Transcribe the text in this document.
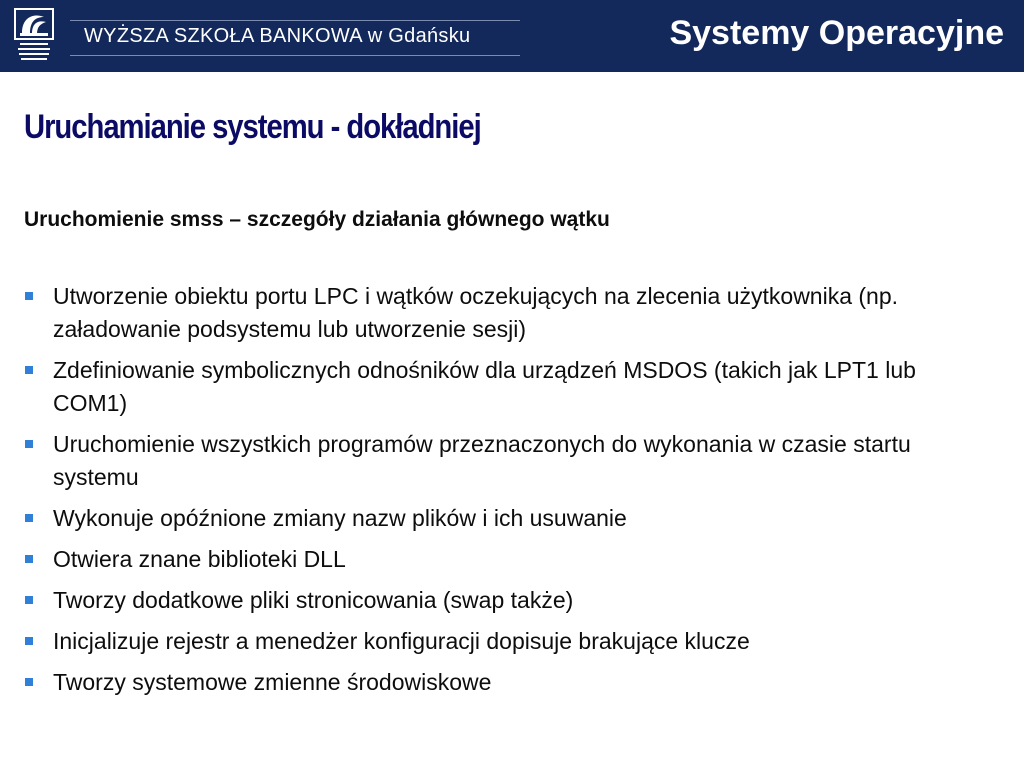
WYŻSZA SZKOŁA BANKOWA w Gdańsku	Systemy Operacyjne
Uruchamianie systemu - dokładniej
Uruchomienie smss – szczegóły działania głównego wątku
Utworzenie obiektu portu LPC i wątków oczekujących na zlecenia użytkownika (np. załadowanie podsystemu lub utworzenie sesji)
Zdefiniowanie symbolicznych odnośników dla urządzeń MSDOS (takich jak LPT1 lub COM1)
Uruchomienie wszystkich programów przeznaczonych do wykonania w czasie startu systemu
Wykonuje opóźnione zmiany nazw plików i ich usuwanie
Otwiera znane biblioteki DLL
Tworzy dodatkowe pliki stronicowania (swap także)
Inicjalizuje rejestr a menedżer konfiguracji dopisuje brakujące klucze
Tworzy systemowe zmienne środowiskowe
